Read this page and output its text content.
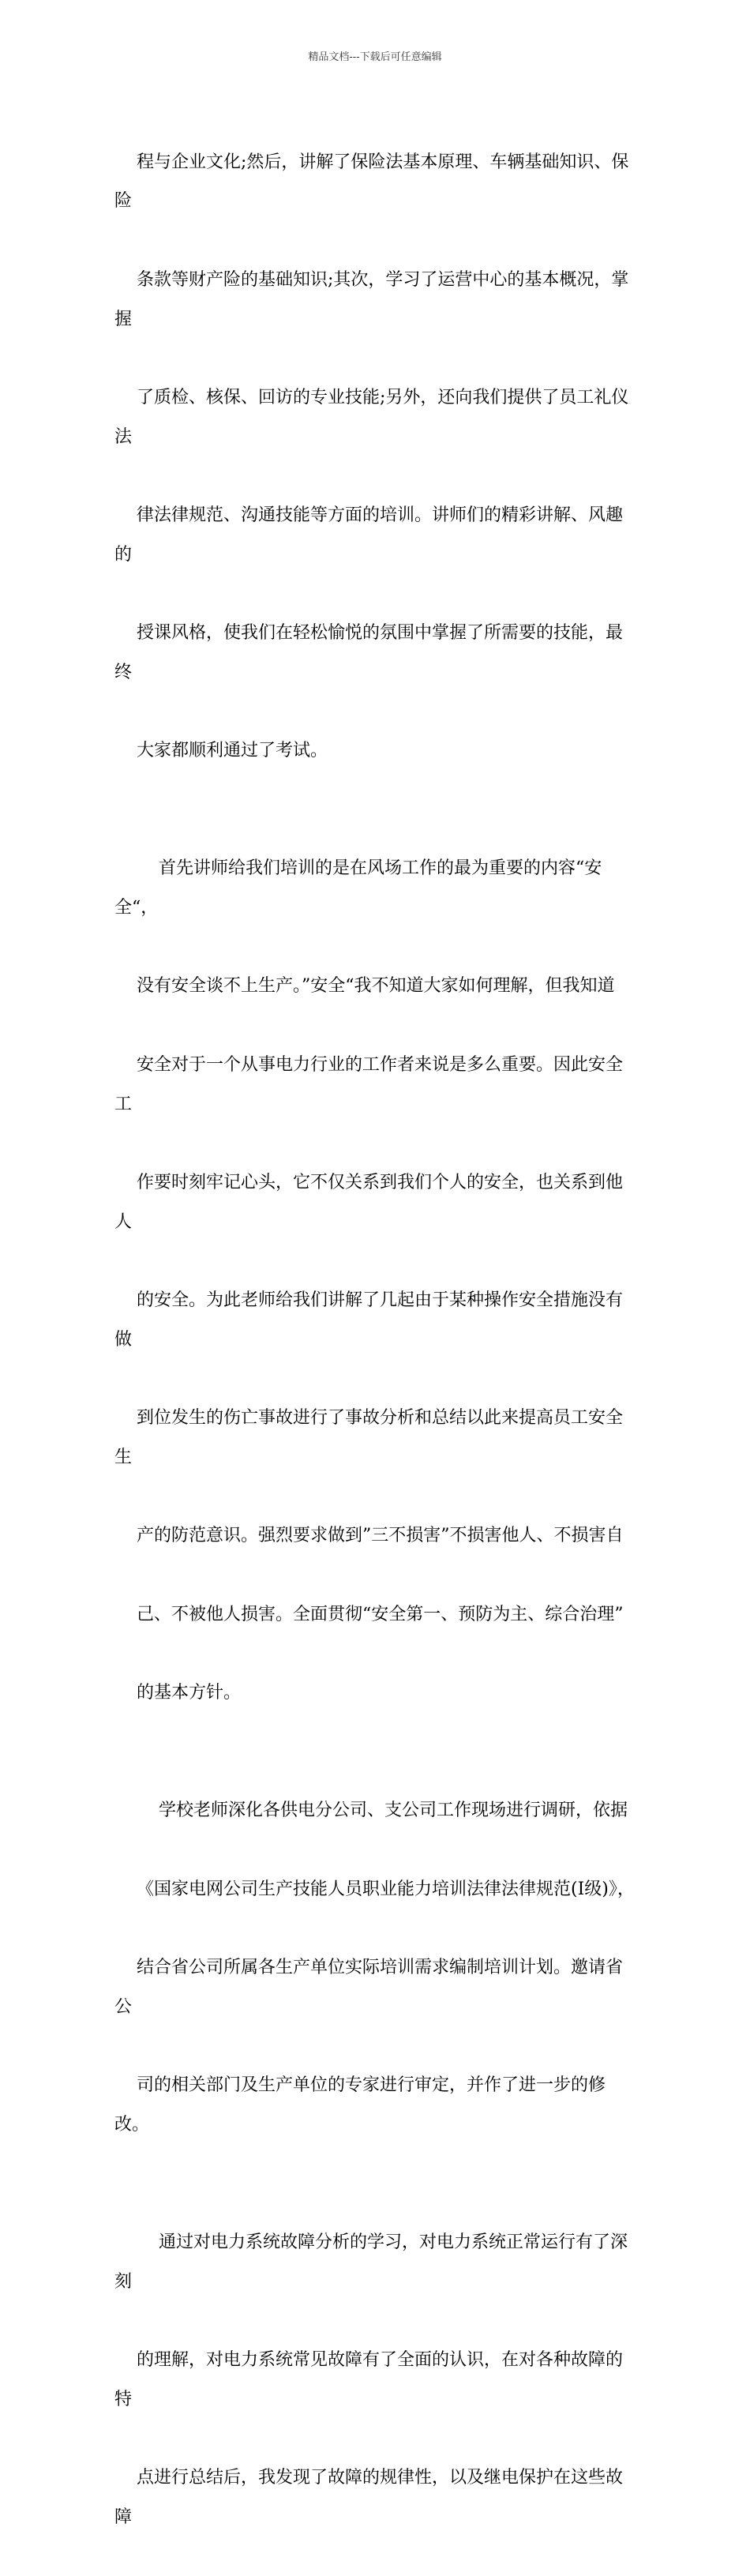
精品文档---下载后可任意编辑

程与企业文化;然后，讲解了保险法基本原理、车辆基础知识、保险

条款等财产险的基础知识;其次，学习了运营中心的基本概况，掌握

了质检、核保、回访的专业技能;另外，还向我们提供了员工礼仪法

律法律规范、沟通技能等方面的培训。讲师们的精彩讲解、风趣的

授课风格，使我们在轻松愉悦的氛围中掌握了所需要的技能，最终

大家都顺利通过了考试。

首先讲师给我们培训的是在风场工作的最为重要的内容“安全“，

没有安全谈不上生产。”安全“我不知道大家如何理解，但我知道

安全对于一个从事电力行业的工作者来说是多么重要。因此安全工

作要时刻牢记心头，它不仅关系到我们个人的安全，也关系到他人

的安全。为此老师给我们讲解了几起由于某种操作安全措施没有做

到位发生的伤亡事故进行了事故分析和总结以此来提高员工安全生

产的防范意识。强烈要求做到”三不损害”不损害他人、不损害自

己、不被他人损害。全面贯彻“安全第一、预防为主、综合治理”

的基本方针。

学校老师深化各供电分公司、支公司工作现场进行调研，依据

《国家电网公司生产技能人员职业能力培训法律法律规范(I级)》，

结合省公司所属各生产单位实际培训需求编制培训计划。邀请省公

司的相关部门及生产单位的专家进行审定，并作了进一步的修改。

通过对电力系统故障分析的学习，对电力系统正常运行有了深刻

的理解，对电力系统常见故障有了全面的认识，在对各种故障的特

点进行总结后，我发现了故障的规律性，以及继电保护在这些故障
